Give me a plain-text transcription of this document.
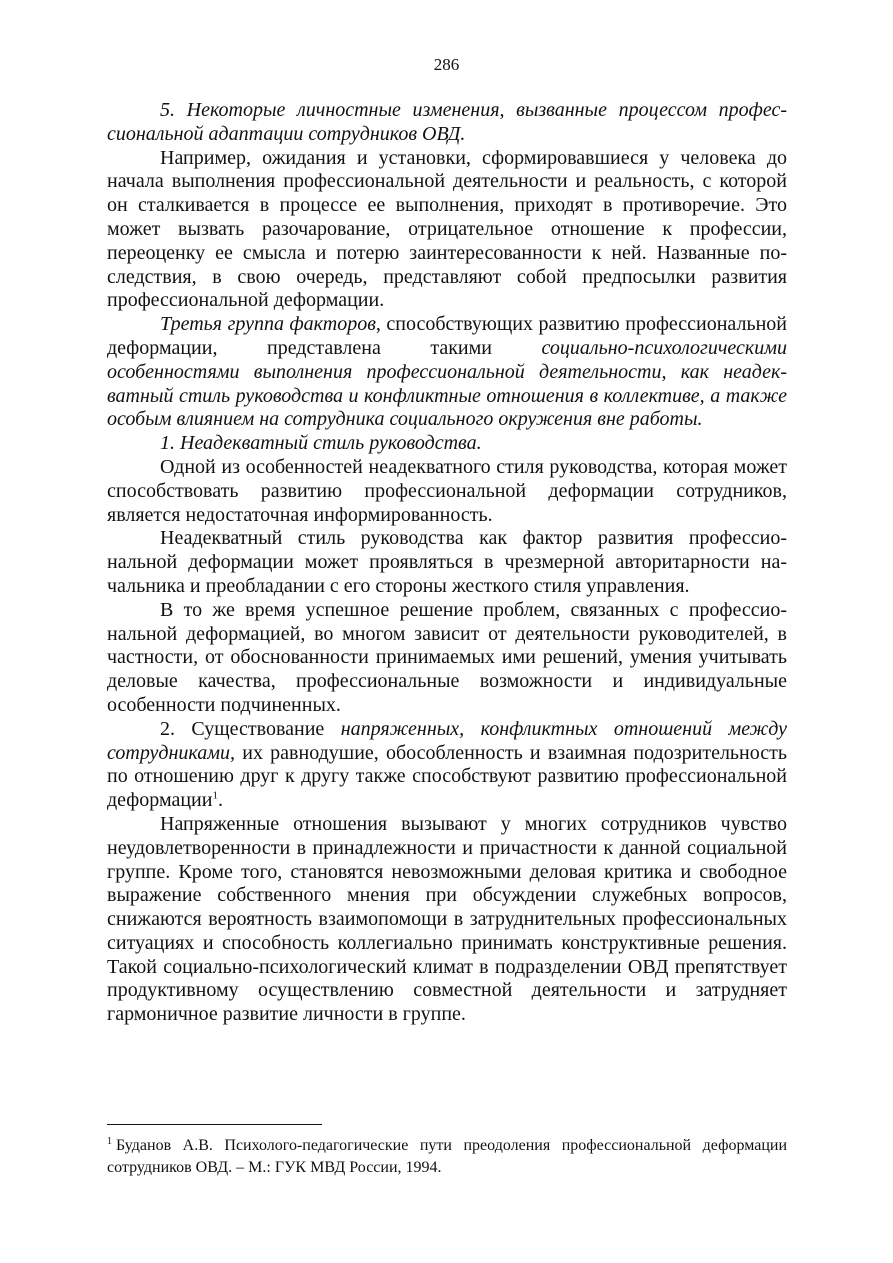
286

5. Некоторые личностные изменения, вызванные процессом профессиональной адаптации сотрудников ОВД.

Например, ожидания и установки, сформировавшиеся у человека до начала выполнения профессиональной деятельности и реальность, с которой он сталкивается в процессе ее выполнения, приходят в противоречие. Это может вызвать разочарование, отрицательное отношение к профессии, переоценку ее смысла и потерю заинтересованности к ней. Названные последствия, в свою очередь, представляют собой предпосылки развития профессиональной деформации.

Третья группа факторов, способствующих развитию профессиональной деформации, представлена такими социально-психологическими особенностями выполнения профессиональной деятельности, как неадекватный стиль руководства и конфликтные отношения в коллективе, а также особым влиянием на сотрудника социального окружения вне работы.

1. Неадекватный стиль руководства.

Одной из особенностей неадекватного стиля руководства, которая может способствовать развитию профессиональной деформации сотрудников, является недостаточная информированность.

Неадекватный стиль руководства как фактор развития профессиональной деформации может проявляться в чрезмерной авторитарности начальника и преобладании с его стороны жесткого стиля управления.

В то же время успешное решение проблем, связанных с профессиональной деформацией, во многом зависит от деятельности руководителей, в частности, от обоснованности принимаемых ими решений, умения учитывать деловые качества, профессиональные возможности и индивидуальные особенности подчиненных.

2. Существование напряженных, конфликтных отношений между сотрудниками, их равнодушие, обособленность и взаимная подозрительность по отношению друг к другу также способствуют развитию профессиональной деформации$^1$.

Напряженные отношения вызывают у многих сотрудников чувство неудовлетворенности в принадлежности и причастности к данной социальной группе. Кроме того, становятся невозможными деловая критика и свободное выражение собственного мнения при обсуждении служебных вопросов, снижаются вероятность взаимопомощи в затруднительных профессиональных ситуациях и способность коллегиально принимать конструктивные решения. Такой социально-психологический климат в подразделении ОВД препятствует продуктивному осуществлению совместной деятельности и затрудняет гармоничное развитие личности в группе.

$^1$ Буданов А.В. Психолого-педагогические пути преодоления профессиональной деформации сотрудников ОВД. – М.: ГУК МВД России, 1994.
